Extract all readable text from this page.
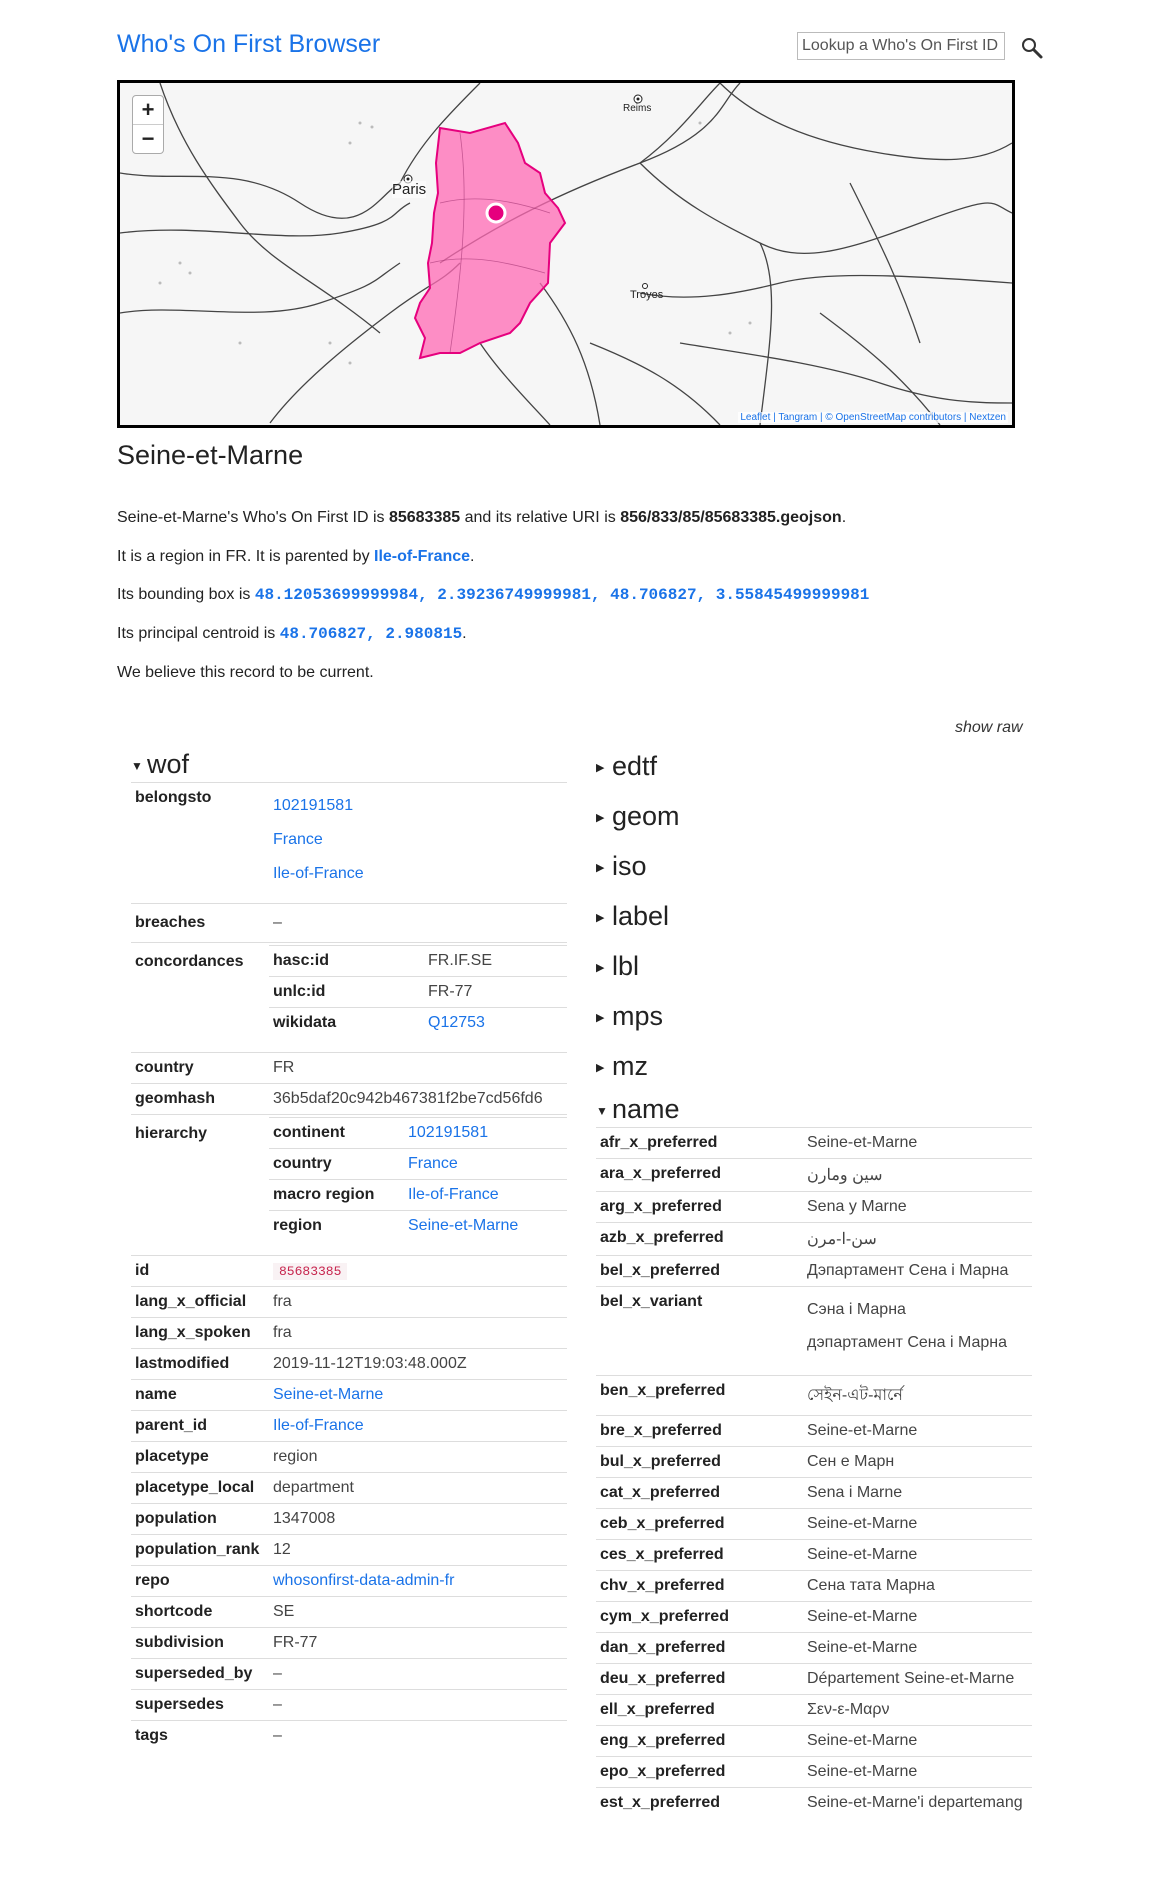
Who's On First Browser
Lookup a Who's On First ID
Paris
Reims
Troyes
+
−
Leaflet | Tangram | © OpenStreetMap contributors | Nextzen
Seine-et-Marne

Seine-et-Marne's Who's On First ID is 85683385 and its relative URI is 856/833/85/85683385.geojson.

It is a region in FR. It is parented by Ile-of-France.

Its bounding box is 48.12053699999984, 2.39236749999981, 48.706827, 3.55845499999981

Its principal centroid is 48.706827, 2.980815.

We believe this record to be current.

show raw
▼ wof
belongsto	102191581
France
Ile-of-France

breaches	–
concordances	hasc:id	FR.IF.SE
unlc:id	FR-77
wikidata	Q12753

country	FR
geomhash	36b5daf20c942b467381f2be7cd56fd6
hierarchy		continent	102191581
country	France
macro region	Ile-of-France
region	Seine-et-Marne

id	85683385
lang_x_official	fra
lang_x_spoken	fra
lastmodified	2019-11-12T19:03:48.000Z
name	Seine-et-Marne
parent_id	Ile-of-France
placetype	region
placetype_local	department
population	1347008
population_rank	12
repo	whosonfirst-data-admin-fr
shortcode	SE
subdivision	FR-77
superseded_by	–
supersedes	–
tags	–
▶ edtf
▶ geom
▶ iso
▶ label
▶ lbl
▶ mps
▶ mz
▼ name
afr_x_preferred	Seine-et-Marne
ara_x_preferred	سين ومارن
arg_x_preferred	Sena y Marne
azb_x_preferred	سن-ا-مرن
bel_x_preferred	Дэпартамент Сена і Марна
bel_x_variant	Сэна і Марна
дэпартамент Сена і Марна

ben_x_preferred	সেইন-এট-মার্নে
bre_x_preferred	Seine-et-Marne
bul_x_preferred	Сен е Марн
cat_x_preferred	Sena i Marne
ceb_x_preferred	Seine-et-Marne
ces_x_preferred	Seine-et-Marne
chv_x_preferred	Сена тата Марна
cym_x_preferred	Seine-et-Marne
dan_x_preferred	Seine-et-Marne
deu_x_preferred	Département Seine-et-Marne
ell_x_preferred	Σεν-ε-Μαρν
eng_x_preferred	Seine-et-Marne
epo_x_preferred	Seine-et-Marne
est_x_preferred	Seine-et-Marne'i departemang
